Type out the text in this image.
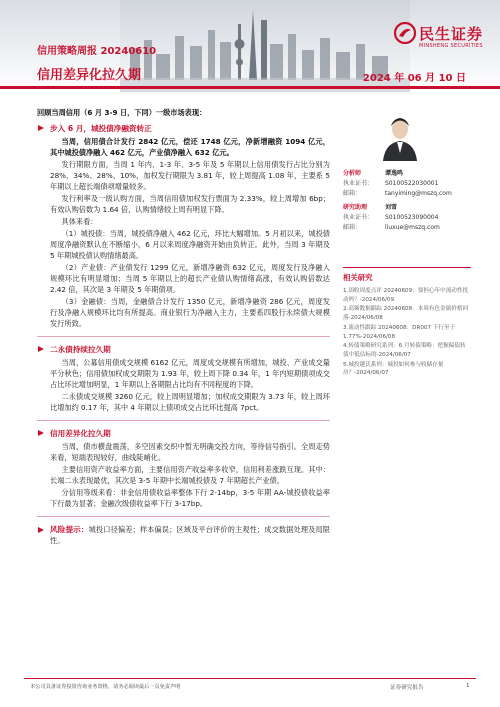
民生证券
MINSHENG SECURITIES
信用策略周报 20240610
信用差异化拉久期	2024 年 06 月 10 日
回顾当周信用（6 月 3-9 日，下同）一级市场表现：
步入 6 月，城投债净融资转正
当周，信用债合计发行 2842 亿元，偿还 1748 亿元，净新增融资 1094 亿元，其中城投债净融入 462 亿元，产业债净融入 632 亿元。
发行期限方面，当周 1 年内、1-3 年、3-5 年及 5 年期以上信用债发行占比分别为 28%、34%、28%、10%，加权发行期限为 3.81 年，较上周提高 1.08 年，主要系 5 年期以上超长端债项增量较多。
发行利率及一级认购方面，当周信用债加权发行票面为 2.33%，较上周增加 6bp；有效认购倍数为 1.64 倍，认购情绪较上周有明显下降。
具体来看：
（1）城投债：当周，城投债净融入 462 亿元，环比大幅增加。5 月初以来，城投债周度净融资默认在不断缩小，6 月以来周度净融资开始由负转正。此外，当周 3 年期及 5 年期城投债认购情绪最高。
（2）产业债：产业债发行 1299 亿元，新增净融资 632 亿元，周度发行及净融入规模环比有明显增加；当周 5 年期以上的超长产业债认购情绪高涨，有效认购倍数达 2.42 倍，其次是 3 年期及 5 年期债项。
（3）金融债：当周，金融债合计发行 1350 亿元，新增净融资 286 亿元，周度发行及净融入规模环比均有所提高。商业银行为净融入主力，主要系四股行永续债大规模发行所致。
二永债持续拉久期
当周，公募信用债成交规模 6162 亿元，周度成交规模有所增加，城投、产业成交量平分秋色；信用债加权成交期限为 1.93 年，较上周下降 0.34 年，1 年内短期债项成交占比环比增加明显，1 年期以上各期限占比均有不同程度的下降。
二永债成交规模 3260 亿元，较上周明显增加；加权成交期限为 3.73 年，较上周环比增加约 0.17 年，其中 4 年期以上债项成交占比环比提高 7pct。
信用差异化拉久期
当周，债市横盘震荡，多空因素交织中暂无明确交投方向，等待信号指引。全周走势来看，短端表现较好，曲线陡峭化。
主要信用资产收益率方面，主要信用资产收益率多收窄，信用利差涨跌互现。其中：长端二永表现最优，其次是 3-5 年期中长端城投债及 7 年期超长产业债。
分信用等级来看：非金信用债收益率整体下行 2-14bp，3-5 年期 AA-城投债收益率下行最为显著；金融次级债收益率下行 3-17bp。
风险提示：城投口径偏差；样本偏误；区域及平台评价的主观性；成交数据处理及局限性。
分析师	谭逸鸣
执业证书：	S0100522030001
邮箱：	tanyiming@mszq.com
研究助理	刘雪
执业证书：	S0100523090004
邮箱：	liuxue@mszq.com
相关研究
1.固收周度点评 20240609：要担心年中流动性扰动吗？-2024/06/09
2.高频数据跟踪 20240608：本周有色金属价格回落-2024/06/08
3.流动性跟踪 20240608：DR007 下行至于 1.77%-2024/06/08
4.转债策略研究系列：6 月转债策略：把握偏债转债中低估标的-2024/06/07
5.城投越氏系列：城投如何参与收储存量房？-2024/06/07
本公司具备证券投资咨询业务资格，请务必阅读最后一页免责声明	证券研究报告	1
